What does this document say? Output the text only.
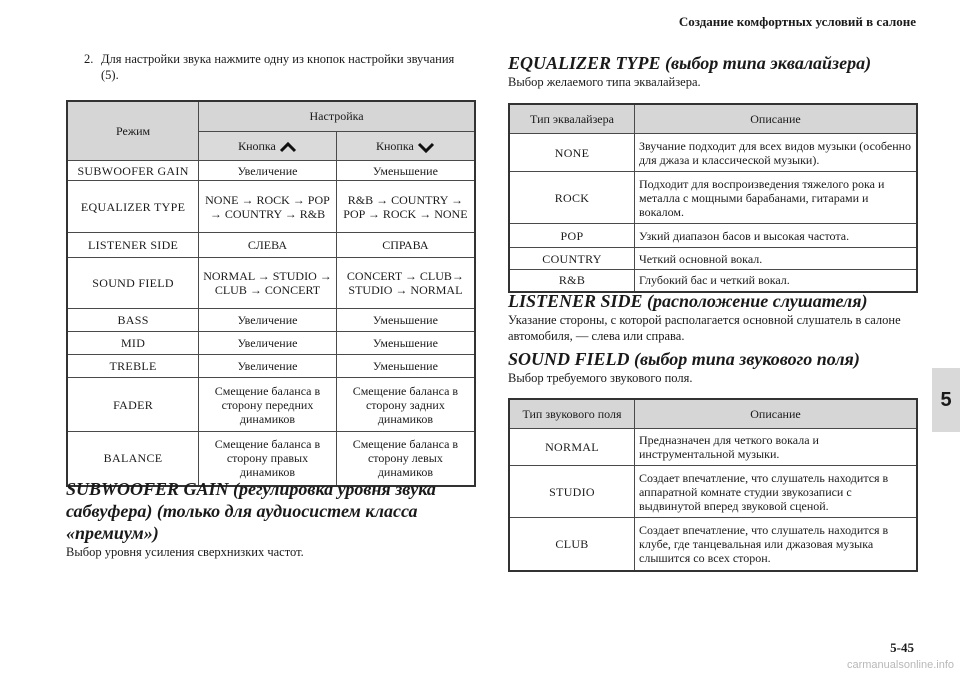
Создание комфортных условий в салоне
2. Для настройки звука нажмите одну из кнопок настройки звучания (5).
Режим	Настройка	
	Кнопка	Кнопка
SUBWOOFER GAIN	Увеличение	Уменьшение
EQUALIZER TYPE	NONE → ROCK → POP → COUNTRY → R&B	R&B → COUNTRY → POP → ROCK → NONE
LISTENER SIDE	СЛЕВА	СПРАВА
SOUND FIELD	NORMAL → STUDIO → CLUB → CONCERT	CONCERT → CLUB→ STUDIO → NORMAL
BASS	Увеличение	Уменьшение
MID	Увеличение	Уменьшение
TREBLE	Увеличение	Уменьшение
FADER	Смещение баланса в сторону передних динамиков	Смещение баланса в сторону задних динамиков
BALANCE	Смещение баланса в сторону правых динамиков	Смещение баланса в сторону левых динамиков
SUBWOOFER GAIN (регулировка уровня звука сабвуфера) (только для аудиосистем класса «премиум»)
Выбор уровня усиления сверхнизких частот.
EQUALIZER TYPE (выбор типа эквалайзера)
Выбор желаемого типа эквалайзера.
Тип эквалайзера	Описание
NONE	Звучание подходит для всех видов музыки (особенно для джаза и классической музыки).
ROCK	Подходит для воспроизведения тяжелого рока и металла с мощными барабанами, гитарами и вокалом.
POP	Узкий диапазон басов и высокая частота.
COUNTRY	Четкий основной вокал.
R&B	Глубокий бас и четкий вокал.
LISTENER SIDE (расположение слушателя)
Указание стороны, с которой располагается основной слушатель в салоне автомобиля, — слева или справа.
SOUND FIELD (выбор типа звукового поля)
Выбор требуемого звукового поля.
Тип звукового поля	Описание
NORMAL	Предназначен для четкого вокала и инструментальной музыки.
STUDIO	Создает впечатление, что слушатель находится в аппаратной комнате студии звукозаписи с выдвинутой вперед звуковой сценой.
CLUB	Создает впечатление, что слушатель находится в клубе, где танцевальная или джазовая музыка слышится со всех сторон.
5
5-45
carmanualsonline.info
